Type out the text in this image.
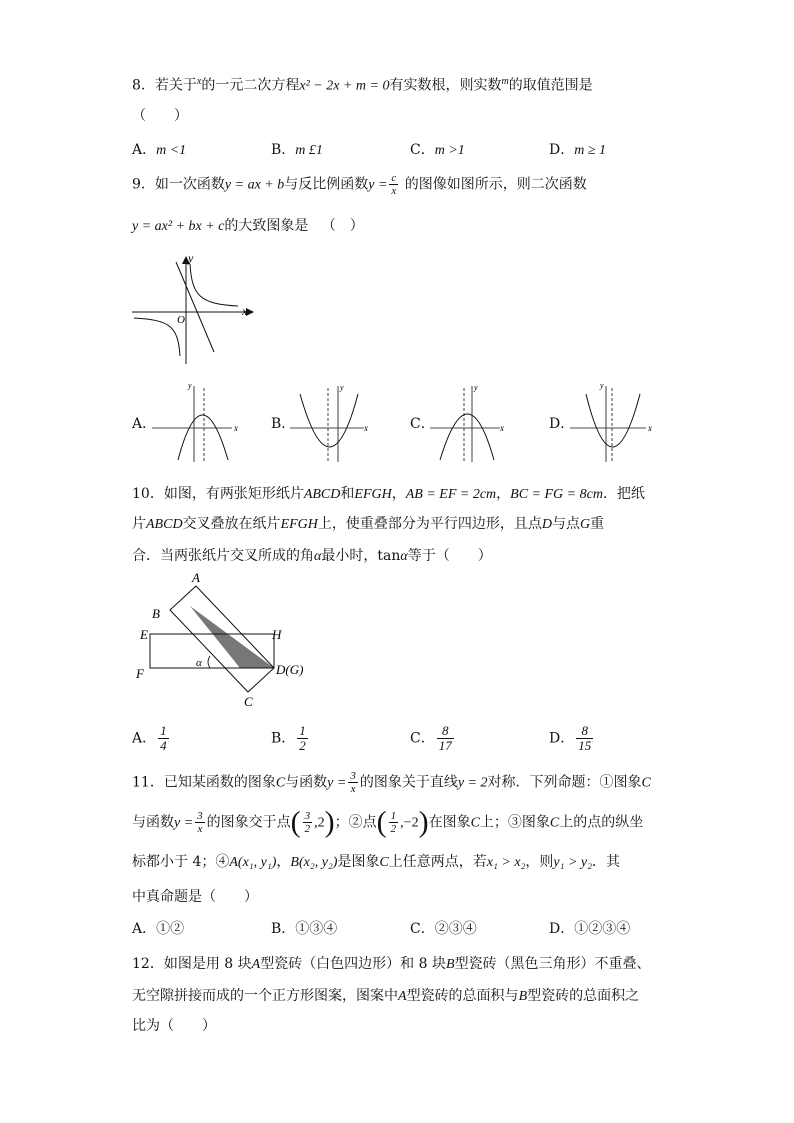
8．若关于$^x$的一元二次方程x² − 2x + m = 0有实数根，则实数$^m$的取值范围是
（　　）
A．m <1	B．m £1	C．m >1	D．m ≥ 1
9．如一次函数y = ax + b与反比例函数$y = \frac{c}{x}$ 的图像如图所示，则二次函数
y = ax² + bx + c的大致图象是 （　）
x
y
O
A．	x
y
B．	x
y
C．	x
y
D．	x
y
10．如图，有两张矩形纸片ABCD和EFGH，AB = EF = 2cm，BC = FG = 8cm．把纸
片ABCD交叉叠放在纸片EFGH上，使重叠部分为平行四边形，且点D与点G重
合．当两张纸片交叉所成的角α最小时，tanα等于（　　）
A
B
E	H
F
C
D(G)
α
A． $\frac{1}{4}$	B． $\frac{1}{2}$	C． $\frac{8}{17}$	D． $\frac{8}{15}$
11．已知某函数的图象C与函数$y = \frac{3}{x}$ 的图象关于直线y = 2对称．下列命题：①图象C
与函数$y = \frac{3}{x}$ 的图象交于点( $\frac{3}{2} ,2$)；②点( $\frac{1}{2} ,-2$)在图象C上；③图象C上的点的纵坐
标都小于 4；④A(x₁, y₁)，B(x₂, y₂)是图象C上任意两点，若x₁ > x₂，则y₁ > y₂．其
中真命题是（　　）
A．①②	B．①③④	C．②③④	D．①②③④
12．如图是用 8 块A型瓷砖（白色四边形）和 8 块B型瓷砖（黑色三角形）不重叠、
无空隙拼接而成的一个正方形图案，图案中A型瓷砖的总面积与B型瓷砖的总面积之
比为（　　）
